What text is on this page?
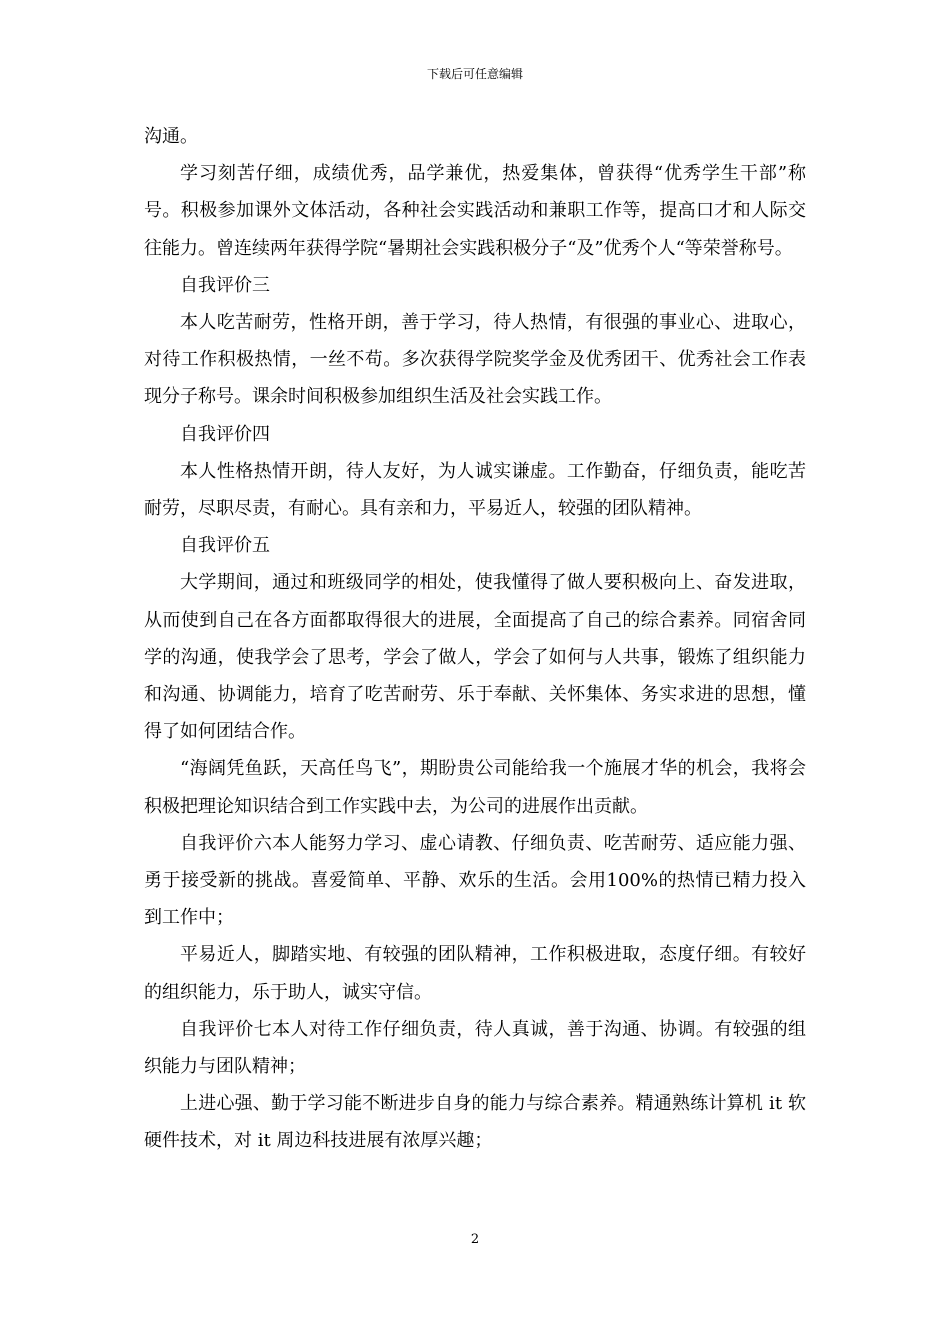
下载后可任意编辑

沟通。

学习刻苦仔细，成绩优秀，品学兼优，热爱集体，曾获得“优秀学生干部”称号。积极参加课外文体活动，各种社会实践活动和兼职工作等，提高口才和人际交往能力。曾连续两年获得学院“暑期社会实践积极分子“及”优秀个人“等荣誉称号。

自我评价三

本人吃苦耐劳，性格开朗，善于学习，待人热情，有很强的事业心、进取心，对待工作积极热情，一丝不苟。多次获得学院奖学金及优秀团干、优秀社会工作表现分子称号。课余时间积极参加组织生活及社会实践工作。

自我评价四

本人性格热情开朗，待人友好，为人诚实谦虚。工作勤奋，仔细负责，能吃苦耐劳，尽职尽责，有耐心。具有亲和力，平易近人，较强的团队精神。

自我评价五

大学期间，通过和班级同学的相处，使我懂得了做人要积极向上、奋发进取，从而使到自己在各方面都取得很大的进展，全面提高了自己的综合素养。同宿舍同学的沟通，使我学会了思考，学会了做人，学会了如何与人共事，锻炼了组织能力和沟通、协调能力，培育了吃苦耐劳、乐于奉献、关怀集体、务实求进的思想，懂得了如何团结合作。

“海阔凭鱼跃，天高任鸟飞”，期盼贵公司能给我一个施展才华的机会，我将会积极把理论知识结合到工作实践中去，为公司的进展作出贡献。

自我评价六本人能努力学习、虚心请教、仔细负责、吃苦耐劳、适应能力强、勇于接受新的挑战。喜爱简单、平静、欢乐的生活。会用100%的热情已精力投入到工作中；

平易近人，脚踏实地、有较强的团队精神，工作积极进取，态度仔细。有较好的组织能力，乐于助人，诚实守信。

自我评价七本人对待工作仔细负责，待人真诚，善于沟通、协调。有较强的组织能力与团队精神；

上进心强、勤于学习能不断进步自身的能力与综合素养。精通熟练计算机 it 软硬件技术，对 it 周边科技进展有浓厚兴趣；

2
